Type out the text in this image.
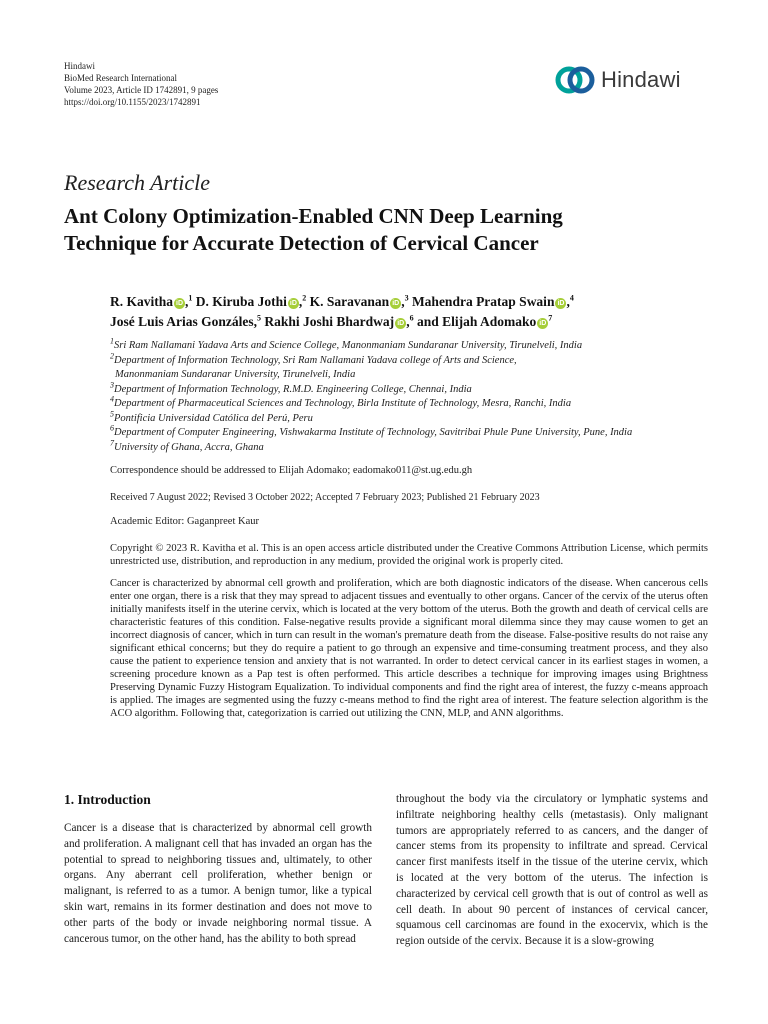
Hindawi
BioMed Research International
Volume 2023, Article ID 1742891, 9 pages
https://doi.org/10.1155/2023/1742891
Hindawi
Research Article
Ant Colony Optimization-Enabled CNN Deep Learning
Technique for Accurate Detection of Cervical Cancer
R. Kavitha iD ,$^1$ D. Kiruba Jothi iD ,$^2$ K. Saravanan iD ,$^3$ Mahendra Pratap Swain iD ,$^4$
José Luis Arias Gonzáles,$^5$ Rakhi Joshi Bhardwaj iD ,$^6$ and Elijah Adomako $iD^7$
$^1$Sri Ram Nallamani Yadava Arts and Science College, Manonmaniam Sundaranar University, Tirunelveli, India
$^2$Department of Information Technology, Sri Ram Nallamani Yadava college of Arts and Science,
Manonmaniam Sundaranar University, Tirunelveli, India
$^3$Department of Information Technology, R.M.D. Engineering College, Chennai, India
$^4$Department of Pharmaceutical Sciences and Technology, Birla Institute of Technology, Mesra, Ranchi, India
$^5$Pontificia Universidad Católica del Perú, Peru
$^6$Department of Computer Engineering, Vishwakarma Institute of Technology, Savitribai Phule Pune University, Pune, India
$^7$University of Ghana, Accra, Ghana
Correspondence should be addressed to Elijah Adomako; eadomako011@st.ug.edu.gh
Received 7 August 2022; Revised 3 October 2022; Accepted 7 February 2023; Published 21 February 2023
Academic Editor: Gaganpreet Kaur
Copyright © 2023 R. Kavitha et al. This is an open access article distributed under the Creative Commons Attribution License, which permits unrestricted use, distribution, and reproduction in any medium, provided the original work is properly cited.
Cancer is characterized by abnormal cell growth and proliferation, which are both diagnostic indicators of the disease. When cancerous cells enter one organ, there is a risk that they may spread to adjacent tissues and eventually to other organs. Cancer of the cervix of the uterus often initially manifests itself in the uterine cervix, which is located at the very bottom of the uterus. Both the growth and death of cervical cells are characteristic features of this condition. False-negative results provide a significant moral dilemma since they may cause women to get an incorrect diagnosis of cancer, which in turn can result in the woman's premature death from the disease. False-positive results do not raise any significant ethical concerns; but they do require a patient to go through an expensive and time-consuming treatment process, and they also cause the patient to experience tension and anxiety that is not warranted. In order to detect cervical cancer in its earliest stages in women, a screening procedure known as a Pap test is often performed. This article describes a technique for improving images using Brightness Preserving Dynamic Fuzzy Histogram Equalization. To individual components and find the right area of interest, the fuzzy c-means approach is applied. The images are segmented using the fuzzy c-means method to find the right area of interest. The feature selection algorithm is the ACO algorithm. Following that, categorization is carried out utilizing the CNN, MLP, and ANN algorithms.
1. Introduction
Cancer is a disease that is characterized by abnormal cell growth and proliferation. A malignant cell that has invaded an organ has the potential to spread to neighboring tissues and, ultimately, to other organs. Any aberrant cell proliferation, whether benign or malignant, is referred to as a tumor. A benign tumor, like a typical skin wart, remains in its former destination and does not move to other parts of the body or invade neighboring normal tissue. A cancerous tumor, on the other hand, has the ability to both spread
throughout the body via the circulatory or lymphatic systems and infiltrate neighboring healthy cells (metastasis). Only malignant tumors are appropriately referred to as cancers, and the danger of cancer stems from its propensity to infiltrate and spread. Cervical cancer first manifests itself in the tissue of the uterine cervix, which is located at the very bottom of the uterus. The infection is characterized by cervical cell growth that is out of control as well as cell death. In about 90 percent of instances of cervical cancer, squamous cell carcinomas are found in the exocervix, which is the region outside of the cervix. Because it is a slow-growing
